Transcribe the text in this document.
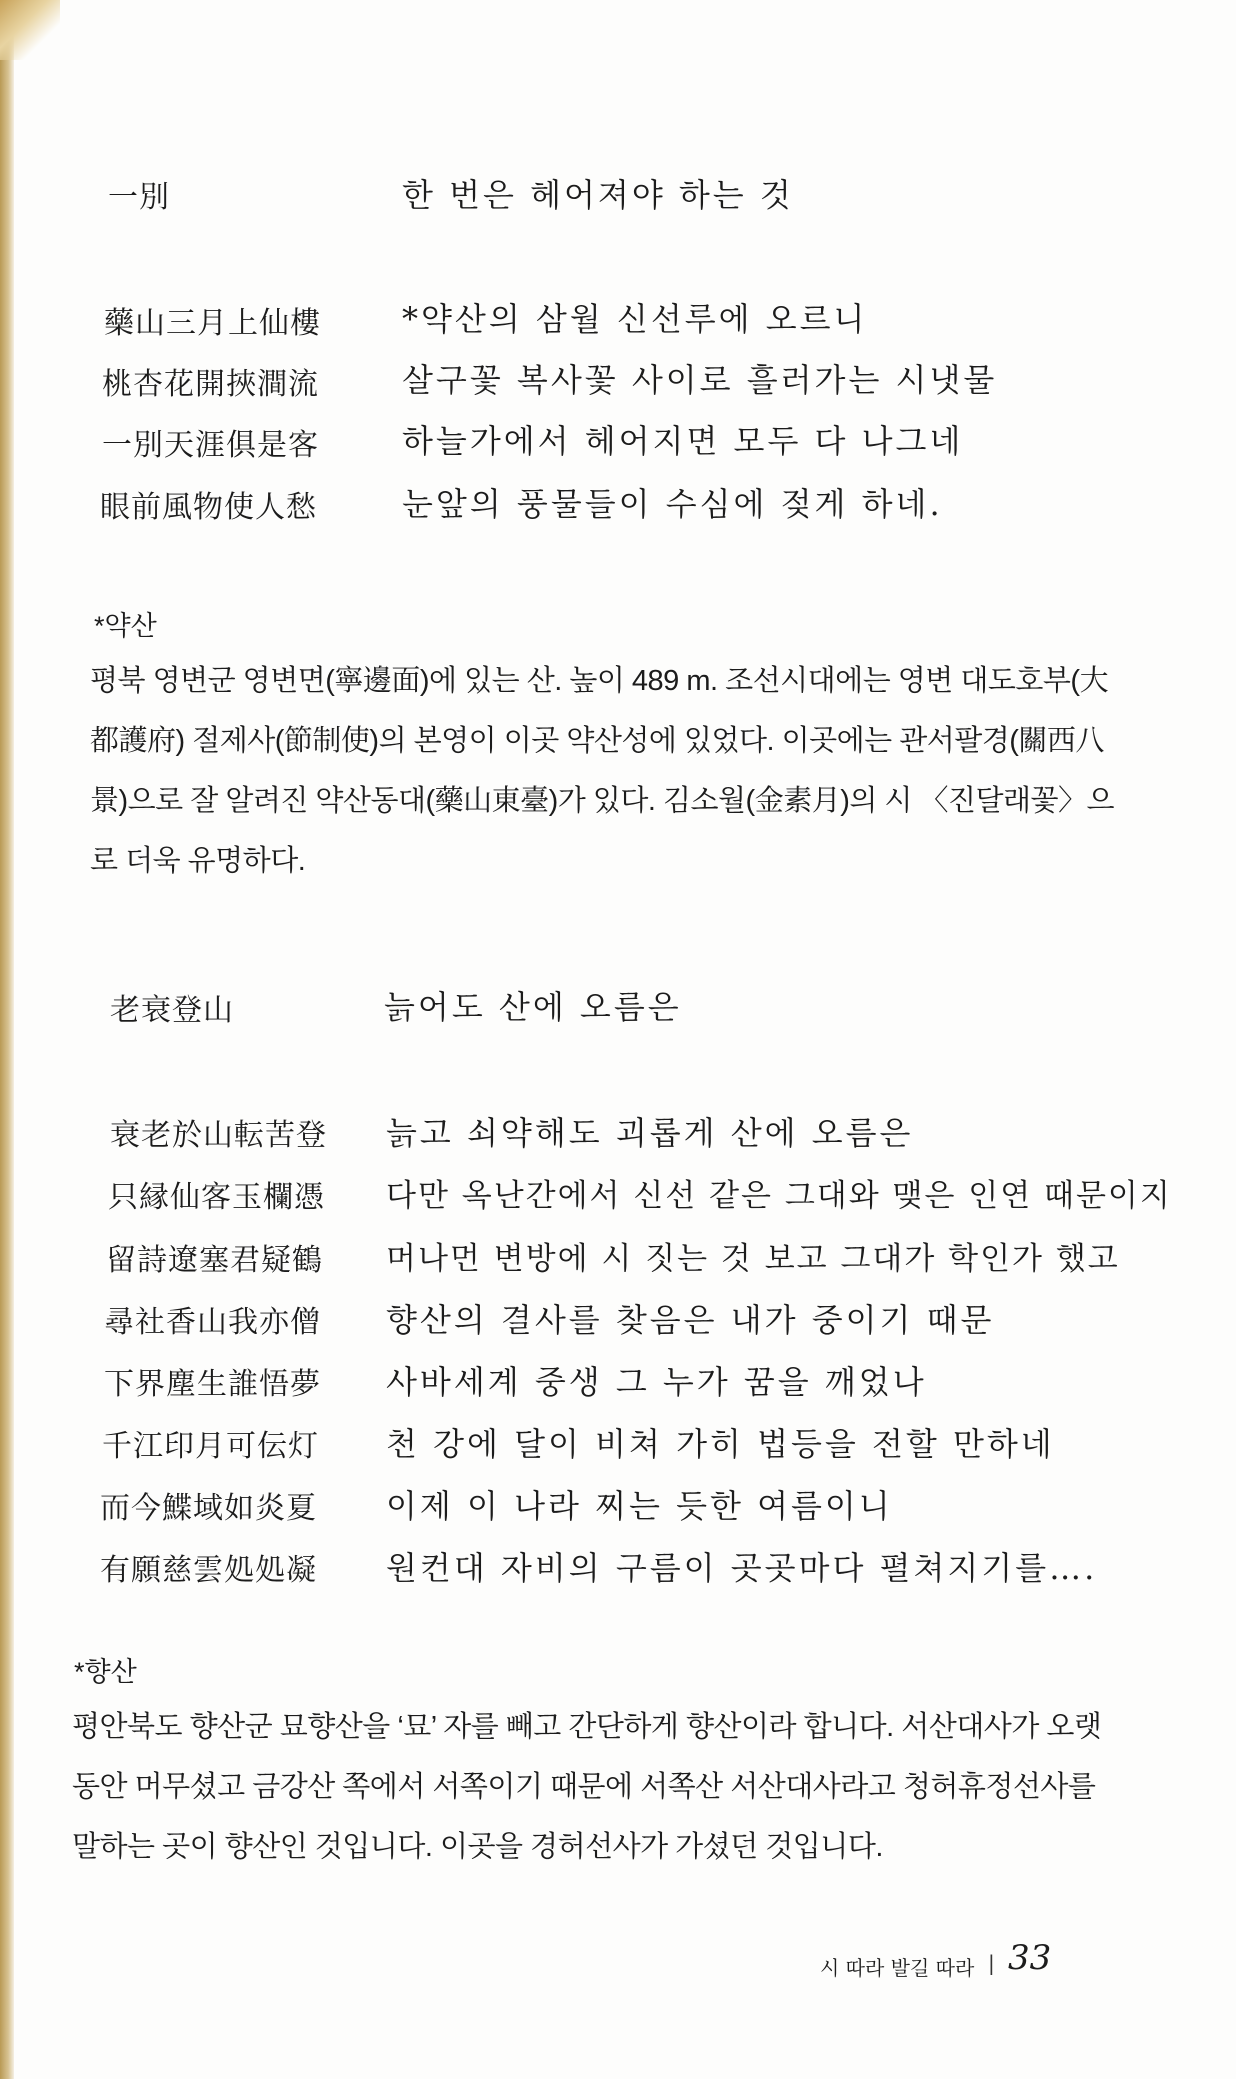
一別	한 번은 헤어져야 하는 것
藥山三月上仙樓	*약산의 삼월 신선루에 오르니
桃杏花開挾澗流	살구꽃 복사꽃 사이로 흘러가는 시냇물
一別天涯俱是客	하늘가에서 헤어지면 모두 다 나그네
眼前風物使人愁	눈앞의 풍물들이 수심에 젖게 하네.
*약산
평북 영변군 영변면(寧邊面)에 있는 산. 높이 489 m. 조선시대에는 영변 대도호부(大都護府) 절제사(節制使)의 본영이 이곳 약산성에 있었다. 이곳에는 관서팔경(關西八景)으로 잘 알려진 약산동대(藥山東臺)가 있다. 김소월(金素月)의 시 〈진달래꽃〉으로 더욱 유명하다.
老衰登山	늙어도 산에 오름은
衰老於山転苦登 늙고 쇠약해도 괴롭게 산에 오름은
只縁仙客玉欄憑 다만 옥난간에서 신선 같은 그대와 맺은 인연 때문이지
留詩遼塞君疑鶴 머나먼 변방에 시 짓는 것 보고 그대가 학인가 했고
尋社香山我亦僧 향산의 결사를 찾음은 내가 중이기 때문
下界塵生誰悟夢 사바세계 중생 그 누가 꿈을 깨었나
千江印月可伝灯 천 강에 달이 비쳐 가히 법등을 전할 만하네
而今鰈域如炎夏 이제 이 나라 찌는 듯한 여름이니
有願慈雲処処凝 원컨대 자비의 구름이 곳곳마다 펼쳐지기를….
*향산
평안북도 향산군 묘향산을 ‘묘’ 자를 빼고 간단하게 향산이라 합니다. 서산대사가 오랫동안 머무셨고 금강산 쪽에서 서쪽이기 때문에 서쪽산 서산대사라고 청허휴정선사를 말하는 곳이 향산인 것입니다. 이곳을 경허선사가 가셨던 것입니다.
시 따라 발길 따라 | 33
